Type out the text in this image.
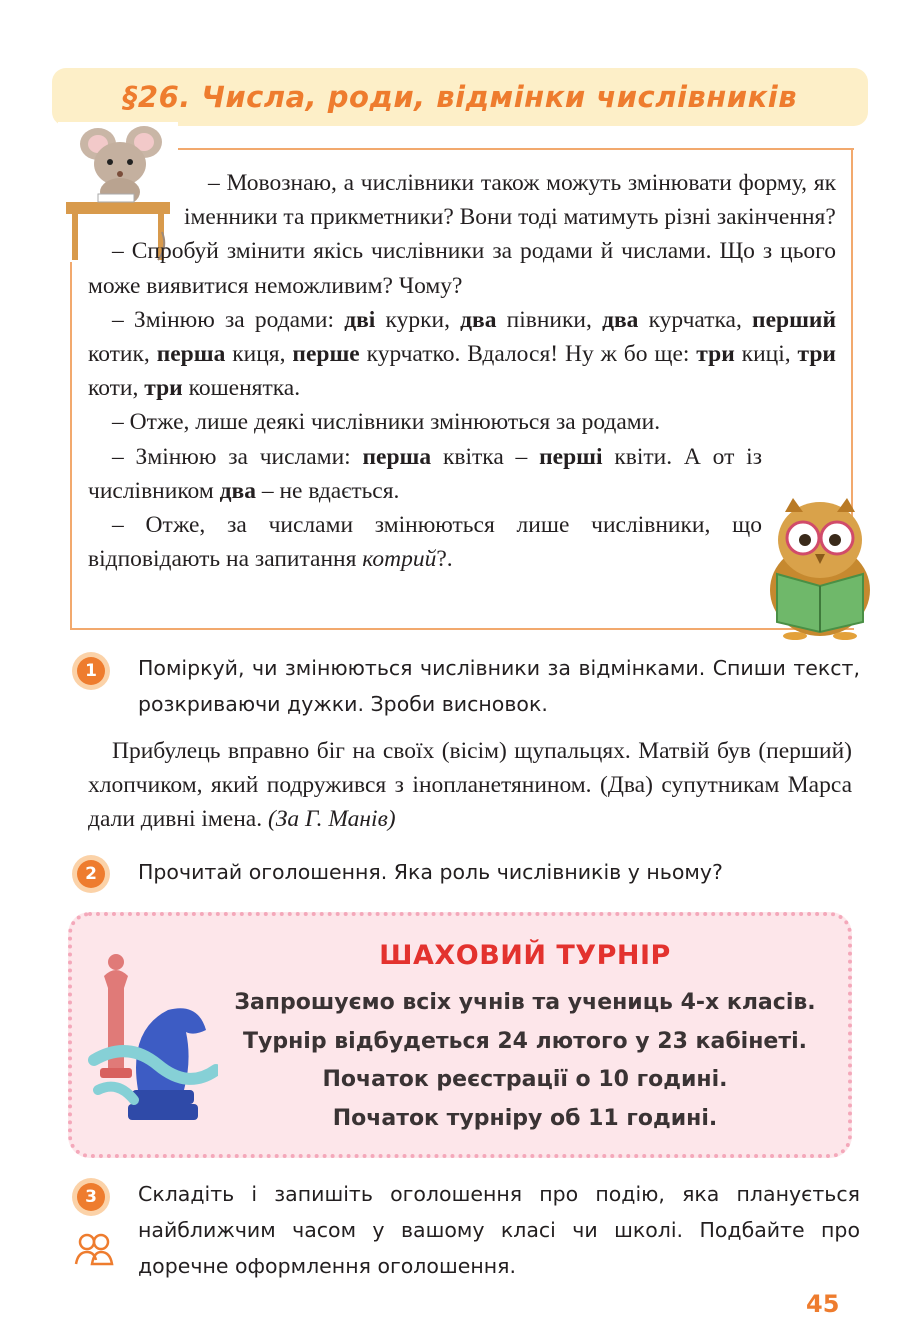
§26. Числа, роди, відмінки числівників

– Мовознаю, а числівники також можуть змінювати форму, як іменники та прикметники? Вони тоді матимуть різні закінчення?

– Спробуй змінити якісь числівники за родами й числами. Що з цього може виявитися неможливим? Чому?

– Змінюю за родами: дві курки, два півники, два курчатка, перший котик, перша киця, перше курчатко. Вдалося! Ну ж бо ще: три киці, три коти, три кошенятка.

– Отже, лише деякі числівники змінюються за родами.

– Змінюю за числами: перша квітка – перші квіти. А от із числівником два – не вдається.

– Отже, за числами змінюються лише числівники, що відповідають на запитання котрий?.

1	Поміркуй, чи змінюються числівники за відмінками. Спиши текст, розкриваючи дужки. Зроби висновок.

Прибулець вправно біг на своїх (вісім) щупальцях. Матвій був (перший) хлопчиком, який подружився з інопланетянином. (Два) супутникам Марса дали дивні імена. (За Г. Манів)

2	Прочитай оголошення. Яка роль числівників у ньому?
ШАХОВИЙ ТУРНІР
Запрошуємо всіх учнів та учениць 4-х класів.
Турнір відбудеться 24 лютого у 23 кабінеті.
Початок реєстрації о 10 годині.
Початок турніру об 11 годині.
3	Складіть і запишіть оголошення про подію, яка планується найближчим часом у вашому класі чи школі. Подбайте про доречне оформлення оголошення.
45
